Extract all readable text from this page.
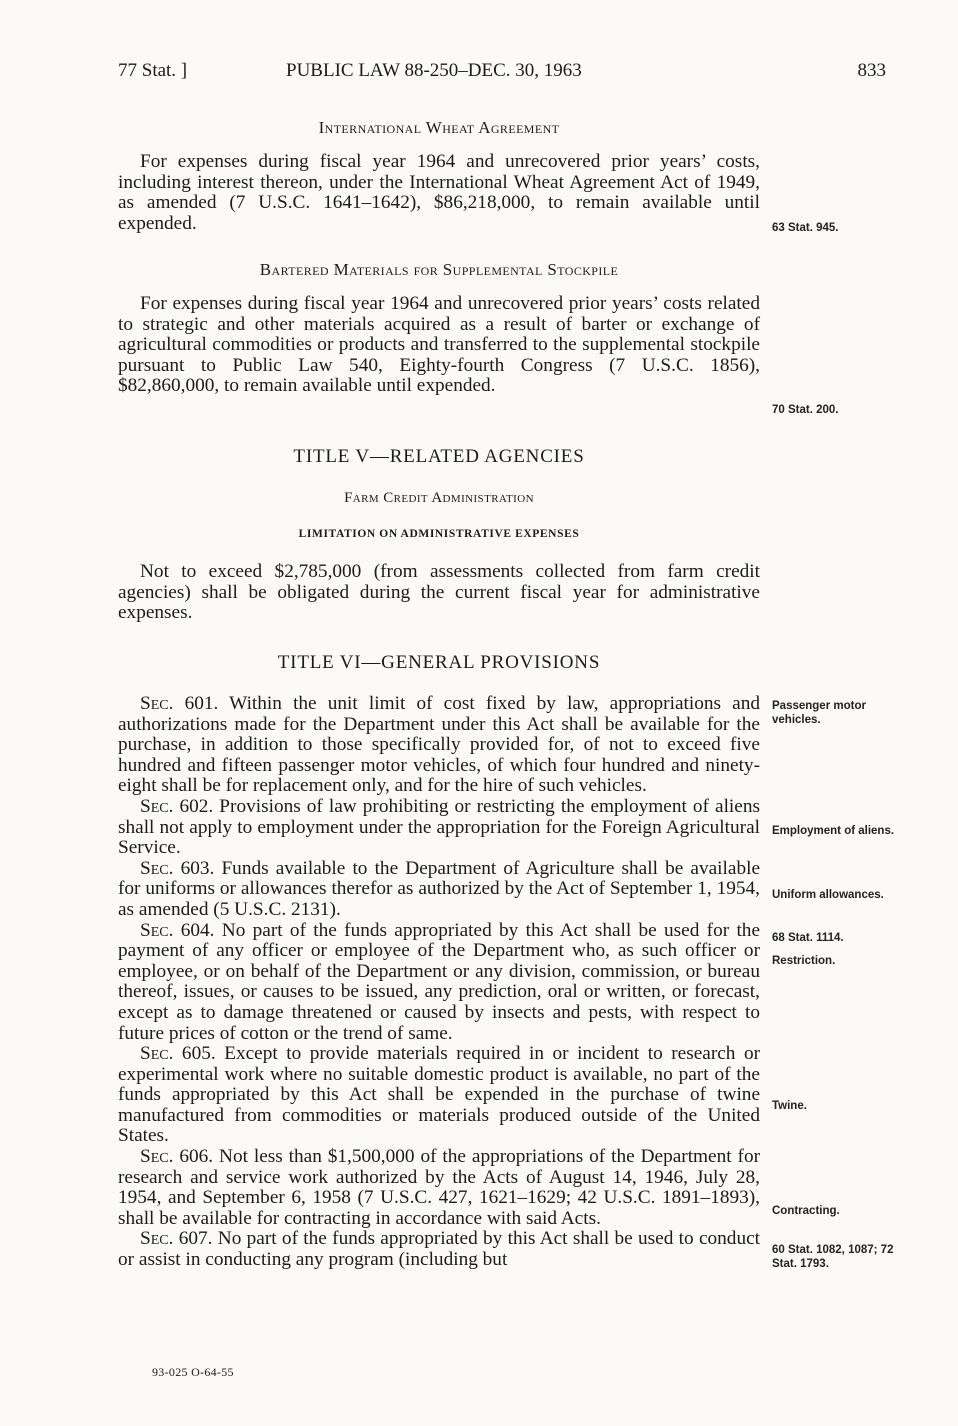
77 Stat. ]	PUBLIC LAW 88-250–DEC. 30, 1963	833
International Wheat Agreement

For expenses during fiscal year 1964 and unrecovered prior years’ costs, including interest thereon, under the International Wheat Agreement Act of 1949, as amended (7 U.S.C. 1641–1642), $86,218,000, to remain available until expended.	63 Stat. 945.
Bartered Materials for Supplemental Stockpile

For expenses during fiscal year 1964 and unrecovered prior years’ costs related to strategic and other materials acquired as a result of barter or exchange of agricultural commodities or products and transferred to the supplemental stockpile pursuant to Public Law 540, Eighty-fourth Congress (7 U.S.C. 1856), $82,860,000, to remain available until expended.

70 Stat. 200.
TITLE V—RELATED AGENCIES
Farm Credit Administration
LIMITATION ON ADMINISTRATIVE EXPENSES

Not to exceed $2,785,000 (from assessments collected from farm credit agencies) shall be obligated during the current fiscal year for administrative expenses.

TITLE VI—GENERAL PROVISIONS

Sec. 601. Within the unit limit of cost fixed by law, appropriations and authorizations made for the Department under this Act shall be available for the purchase, in addition to those specifically provided for, of not to exceed five hundred and fifteen passenger motor vehicles, of which four hundred and ninety-eight shall be for replacement only, and for the hire of such vehicles.

Sec. 602. Provisions of law prohibiting or restricting the employment of aliens shall not apply to employment under the appropriation for the Foreign Agricultural Service.

Sec. 603. Funds available to the Department of Agriculture shall be available for uniforms or allowances therefor as authorized by the Act of September 1, 1954, as amended (5 U.S.C. 2131).

Sec. 604. No part of the funds appropriated by this Act shall be used for the payment of any officer or employee of the Department who, as such officer or employee, or on behalf of the Department or any division, commission, or bureau thereof, issues, or causes to be issued, any prediction, oral or written, or forecast, except as to damage threatened or caused by insects and pests, with respect to future prices of cotton or the trend of same.

Sec. 605. Except to provide materials required in or incident to research or experimental work where no suitable domestic product is available, no part of the funds appropriated by this Act shall be expended in the purchase of twine manufactured from commodities or materials produced outside of the United States.

Sec. 606. Not less than $1,500,000 of the appropriations of the Department for research and service work authorized by the Acts of August 14, 1946, July 28, 1954, and September 6, 1958 (7 U.S.C. 427, 1621–1629; 42 U.S.C. 1891–1893), shall be available for contracting in accordance with said Acts.

Sec. 607. No part of the funds appropriated by this Act shall be used to conduct or assist in conducting any program (including but

Passenger motor vehicles.
Employment of aliens.
Uniform allowances.
68 Stat. 1114.
Restriction.
Twine.
Contracting.
60 Stat. 1082, 1087; 72 Stat. 1793.
93-025 O-64-55
